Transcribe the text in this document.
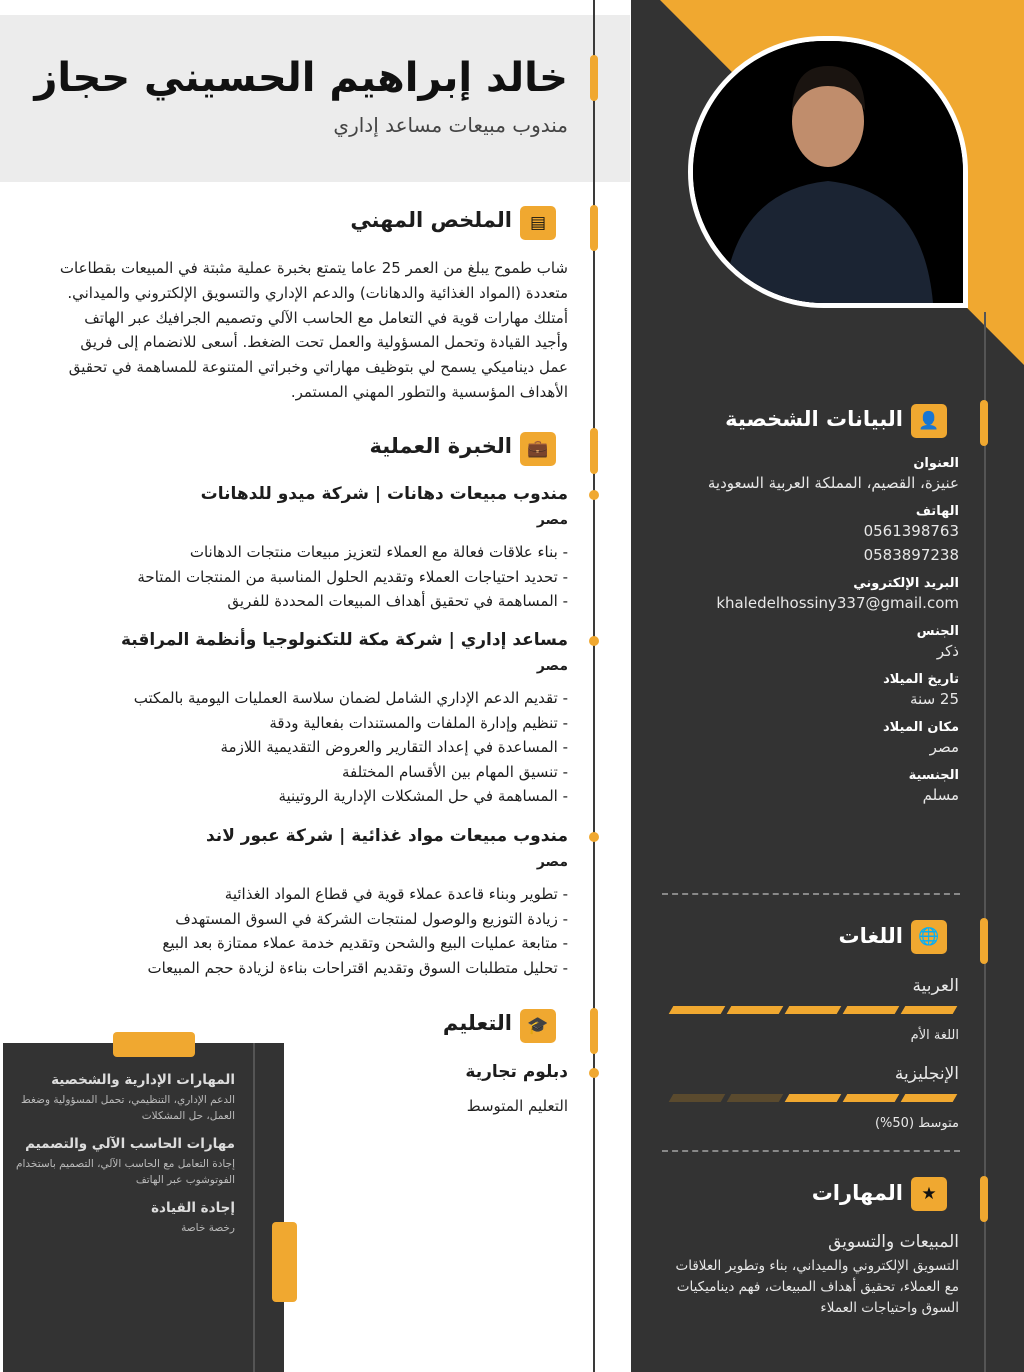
خالد إبراهيم الحسيني حجاز
مندوب مبيعات مساعد إداري
▤
الملخص المهني
شاب طموح يبلغ من العمر 25 عاما يتمتع بخبرة عملية مثبتة في المبيعات بقطاعات متعددة (المواد الغذائية والدهانات) والدعم الإداري والتسويق الإلكتروني والميداني. أمتلك مهارات قوية في التعامل مع الحاسب الآلي وتصميم الجرافيك عبر الهاتف وأجيد القيادة وتحمل المسؤولية والعمل تحت الضغط. أسعى للانضمام إلى فريق عمل ديناميكي يسمح لي بتوظيف مهاراتي وخبراتي المتنوعة للمساهمة في تحقيق الأهداف المؤسسية والتطور المهني المستمر.
💼
الخبرة العملية
مندوب مبيعات دهانات | شركة ميدو للدهانات
مصر
- بناء علاقات فعالة مع العملاء لتعزيز مبيعات منتجات الدهانات
- تحديد احتياجات العملاء وتقديم الحلول المناسبة من المنتجات المتاحة
- المساهمة في تحقيق أهداف المبيعات المحددة للفريق
مساعد إداري | شركة مكة للتكنولوجيا وأنظمة المراقبة
مصر
- تقديم الدعم الإداري الشامل لضمان سلاسة العمليات اليومية بالمكتب
- تنظيم وإدارة الملفات والمستندات بفعالية ودقة
- المساعدة في إعداد التقارير والعروض التقديمية اللازمة
- تنسيق المهام بين الأقسام المختلفة
- المساهمة في حل المشكلات الإدارية الروتينية
مندوب مبيعات مواد غذائية | شركة عبور لاند
مصر
- تطوير وبناء قاعدة عملاء قوية في قطاع المواد الغذائية
- زيادة التوزيع والوصول لمنتجات الشركة في السوق المستهدف
- متابعة عمليات البيع والشحن وتقديم خدمة عملاء ممتازة بعد البيع
- تحليل متطلبات السوق وتقديم اقتراحات بناءة لزيادة حجم المبيعات
🎓
التعليم
دبلوم تجارية
التعليم المتوسط
المهارات الإدارية والشخصية
الدعم الإداري، التنظيمي، تحمل المسؤولية وضغط العمل، حل المشكلات
مهارات الحاسب الآلي والتصميم
إجادة التعامل مع الحاسب الآلي، التصميم باستخدام الفوتوشوب عبر الهاتف
إجادة القيادة
رخصة خاصة
👤
البيانات الشخصية
العنوان
عنيزة، القصيم، المملكة العربية السعودية
الهاتف
0561398763
0583897238
البريد الإلكتروني
khaledelhossiny337@gmail.com
الجنس
ذكر
تاريخ الميلاد
25 سنة
مكان الميلاد
مصر
الجنسية
مسلم
🌐
اللغات
العربية
اللغة الأم
الإنجليزية
متوسط (50%)
★
المهارات
المبيعات والتسويق
التسويق الإلكتروني والميداني، بناء وتطوير العلاقات مع العملاء، تحقيق أهداف المبيعات، فهم ديناميكيات السوق واحتياجات العملاء
